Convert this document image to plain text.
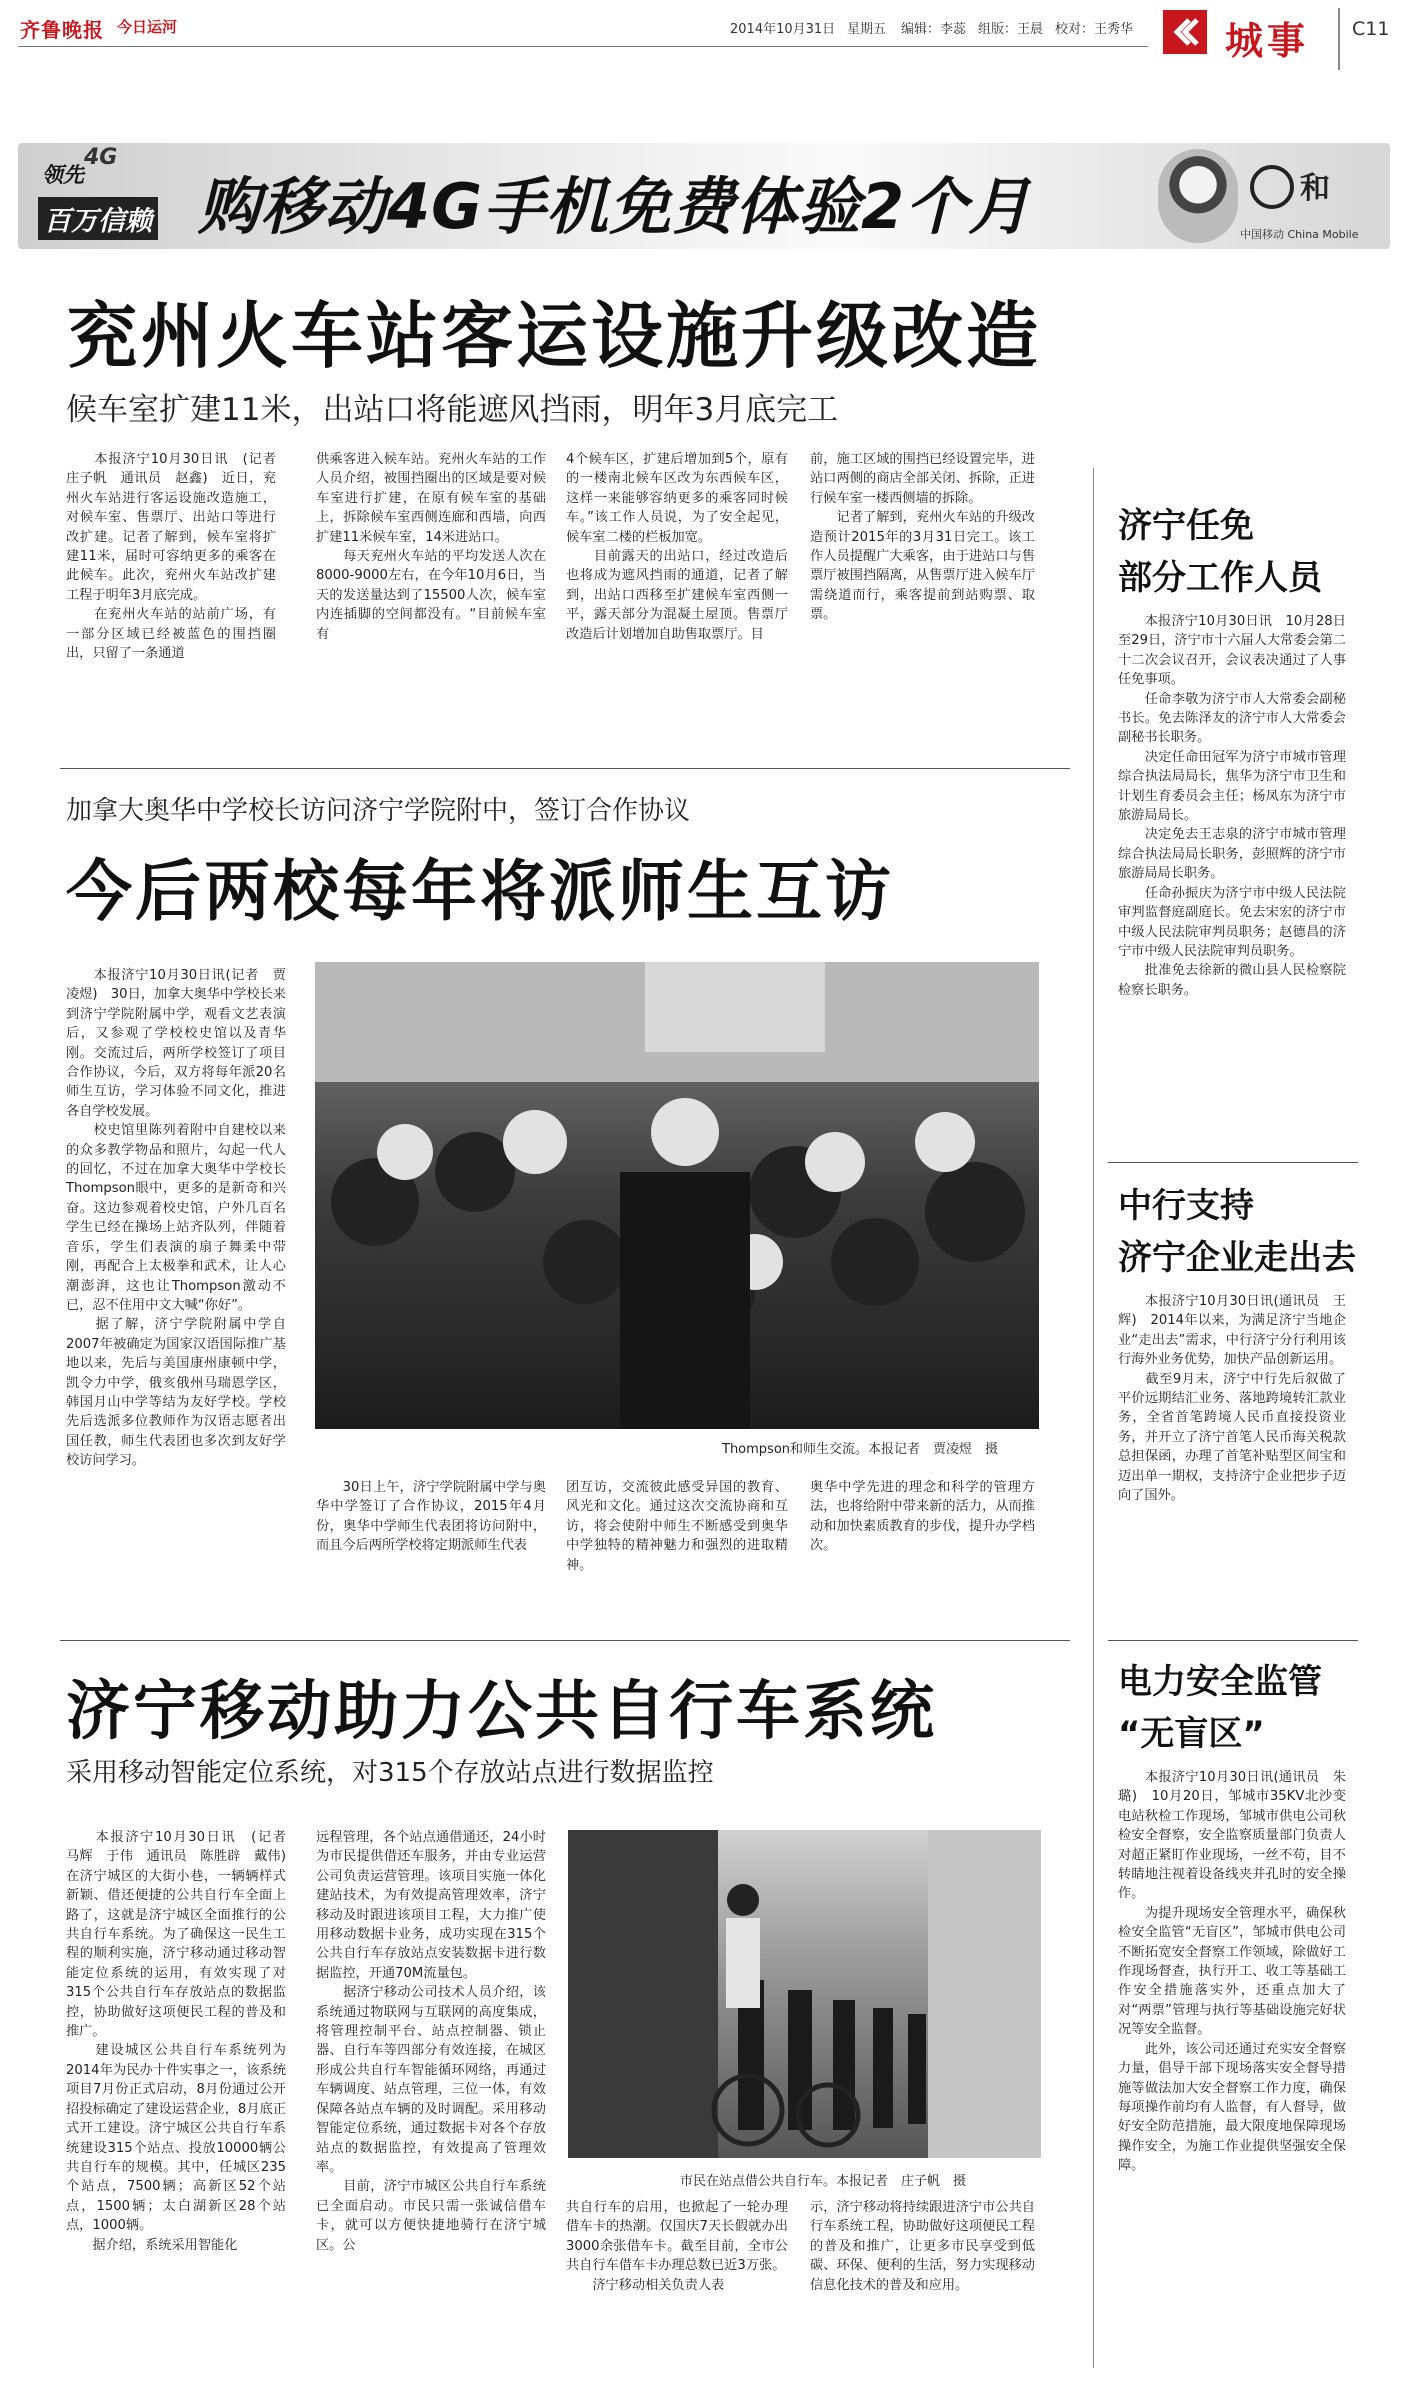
齐鲁晚报 今日运河	2014年10月31日 星期五 编辑：李蕊 组版：王晨 校对：王秀华 城事 C11
4G
领先
百万信赖 购移动4G手机免费体验2个月	和
中国移动 China Mobile
兖州火车站客运设施升级改造
候车室扩建11米，出站口将能遮风挡雨，明年3月底完工
　　本报济宁10月30日讯　(记者　庄子帆　通讯员　赵鑫)　近日，兖州火车站进行客运设施改造施工，对候车室、售票厅、出站口等进行改扩建。记者了解到，候车室将扩建11米，届时可容纳更多的乘客在此候车。此次，兖州火车站改扩建工程于明年3月底完成。
　　在兖州火车站的站前广场，有一部分区域已经被蓝色的围挡圈出，只留了一条通道
供乘客进入候车站。兖州火车站的工作人员介绍，被围挡圈出的区域是要对候车室进行扩建，在原有候车室的基础上，拆除候车室西侧连廊和西墙，向西扩建11米候车室，14米进站口。
　　每天兖州火车站的平均发送人次在8000-9000左右，在今年10月6日，当天的发送量达到了15500人次，候车室内连插脚的空间都没有。“目前候车室有
4个候车区，扩建后增加到5个，原有的一楼南北候车区改为东西候车区，这样一来能够容纳更多的乘客同时候车。”该工作人员说，为了安全起见，候车室二楼的栏板加宽。
　　目前露天的出站口，经过改造后也将成为遮风挡雨的通道，记者了解到，出站口西移至扩建候车室西侧一平，露天部分为混凝土屋顶。售票厅改造后计划增加自助售取票厅。目
前，施工区域的围挡已经设置完毕，进站口两侧的商店全部关闭、拆除，正进行候车室一楼西侧墙的拆除。
　　记者了解到，兖州火车站的升级改造预计2015年的3月31日完工。该工作人员提醒广大乘客，由于进站口与售票厅被围挡隔离，从售票厅进入候车厅需绕道而行，乘客提前到站购票、取票。
加拿大奥华中学校长访问济宁学院附中，签订合作协议
今后两校每年将派师生互访
　　本报济宁10月30日讯(记者　贾凌煜)　30日，加拿大奥华中学校长来到济宁学院附属中学，观看文艺表演后，又参观了学校校史馆以及青华刚。交流过后，两所学校签订了项目合作协议，今后，双方将每年派20名师生互访，学习体验不同文化，推进各自学校发展。
　　校史馆里陈列着附中自建校以来的众多教学物品和照片，勾起一代人的回忆，不过在加拿大奥华中学校长Thompson眼中，更多的是新奇和兴奋。这边参观着校史馆，户外几百名学生已经在操场上站齐队列，伴随着音乐，学生们表演的扇子舞柔中带刚，再配合上太极拳和武术，让人心潮澎湃，这也让Thompson激动不已，忍不住用中文大喊“你好”。
　　据了解，济宁学院附属中学自2007年被确定为国家汉语国际推广基地以来，先后与美国康州康顿中学，凯令力中学，俄亥俄州马瑞恩学区，韩国月山中学等结为友好学校。学校先后选派多位教师作为汉语志愿者出国任教，师生代表团也多次到友好学校访问学习。
Thompson和师生交流。本报记者　贾凌煜　摄
　　30日上午，济宁学院附属中学与奥华中学签订了合作协议，2015年4月份，奥华中学师生代表团将访问附中，而且今后两所学校将定期派师生代表
团互访，交流彼此感受异国的教育、风光和文化。通过这次交流协商和互访，将会使附中师生不断感受到奥华中学独特的精神魅力和强烈的进取精神。
奥华中学先进的理念和科学的管理方法，也将给附中带来新的活力，从而推动和加快素质教育的步伐，提升办学档次。
济宁移动助力公共自行车系统
采用移动智能定位系统，对315个存放站点进行数据监控
　　本报济宁10月30日讯　(记者　马辉　于伟　通讯员　陈胜辟　戴伟)　在济宁城区的大街小巷，一辆辆样式新颖、借还便捷的公共自行车全面上路了，这就是济宁城区全面推行的公共自行车系统。为了确保这一民生工程的顺利实施，济宁移动通过移动智能定位系统的运用，有效实现了对315个公共自行车存放站点的数据监控，协助做好这项便民工程的普及和推广。
　　建设城区公共自行车系统列为2014年为民办十件实事之一，该系统项目7月份正式启动，8月份通过公开招投标确定了建设运营企业，8月底正式开工建设。济宁城区公共自行车系统建设315个站点、投放10000辆公共自行车的规模。其中，任城区235个站点，7500辆；高新区52个站点，1500辆；太白湖新区28个站点，1000辆。
　　据介绍，系统采用智能化
远程管理，各个站点通借通还，24小时为市民提供借还车服务，并由专业运营公司负责运营管理。该项目实施一体化建站技术，为有效提高管理效率，济宁移动及时跟进该项目工程，大力推广使用移动数据卡业务，成功实现在315个公共自行车存放站点安装数据卡进行数据监控，开通70M流量包。
　　据济宁移动公司技术人员介绍，该系统通过物联网与互联网的高度集成，将管理控制平台、站点控制器、锁止器、自行车等四部分有效连接，在城区形成公共自行车智能循环网络，再通过车辆调度、站点管理，三位一体，有效保障各站点车辆的及时调配。采用移动智能定位系统，通过数据卡对各个存放站点的数据监控，有效提高了管理效率。
　　目前，济宁市城区公共自行车系统已全面启动。市民只需一张诚信借车卡，就可以方便快捷地骑行在济宁城区。公
市民在站点借公共自行车。本报记者　庄子帆　摄
共自行车的启用，也掀起了一轮办理借车卡的热潮。仅国庆7天长假就办出3000余张借车卡。截至目前，全市公共自行车借车卡办理总数已近3万张。
　　济宁移动相关负责人表
示，济宁移动将持续跟进济宁市公共自行车系统工程，协助做好这项便民工程的普及和推广，让更多市民享受到低碳、环保、便利的生活，努力实现移动信息化技术的普及和应用。
济宁任免
部分工作人员
　　本报济宁10月30日讯　10月28日至29日，济宁市十六届人大常委会第二十二次会议召开，会议表决通过了人事任免事项。
　　任命李敬为济宁市人大常委会副秘书长。免去陈泽友的济宁市人大常委会副秘书长职务。
　　决定任命田冠军为济宁市城市管理综合执法局局长，焦华为济宁市卫生和计划生育委员会主任；杨凤东为济宁市旅游局局长。
　　决定免去王志泉的济宁市城市管理综合执法局局长职务，彭照辉的济宁市旅游局局长职务。
　　任命孙振庆为济宁市中级人民法院审判监督庭副庭长。免去宋宏的济宁市中级人民法院审判员职务；赵德昌的济宁市中级人民法院审判员职务。
　　批准免去徐新的微山县人民检察院检察长职务。
中行支持
济宁企业走出去
　　本报济宁10月30日讯(通讯员　王辉)　2014年以来，为满足济宁当地企业“走出去”需求，中行济宁分行利用该行海外业务优势，加快产品创新运用。
　　截至9月末，济宁中行先后叙做了平价远期结汇业务、落地跨境转汇款业务，全省首笔跨境人民币直接投资业务，并开立了济宁首笔人民币海关税款总担保函，办理了首笔补贴型区间宝和迈出单一期权，支持济宁企业把步子迈向了国外。
电力安全监管
“无盲区”
　　本报济宁10月30日讯(通讯员　朱璐)　10月20日，邹城市35KV北沙变电站秋检工作现场，邹城市供电公司秋检安全督察，安全监察质量部门负责人对超正紧盯作业现场，一丝不苟，目不转睛地注视着设备线夹并孔时的安全操作。
　　为提升现场安全管理水平，确保秋检安全监管“无盲区”，邹城市供电公司不断拓宽安全督察工作领域，除做好工作现场督查，执行开工、收工等基础工作安全措施落实外，还重点加大了对“两票”管理与执行等基础设施完好状况等安全监督。
　　此外，该公司还通过充实安全督察力量，倡导干部下现场落实安全督导措施等做法加大安全督察工作力度，确保每项操作前均有人监督，有人督导，做好安全防范措施，最大限度地保障现场操作安全，为施工作业提供坚强安全保障。
